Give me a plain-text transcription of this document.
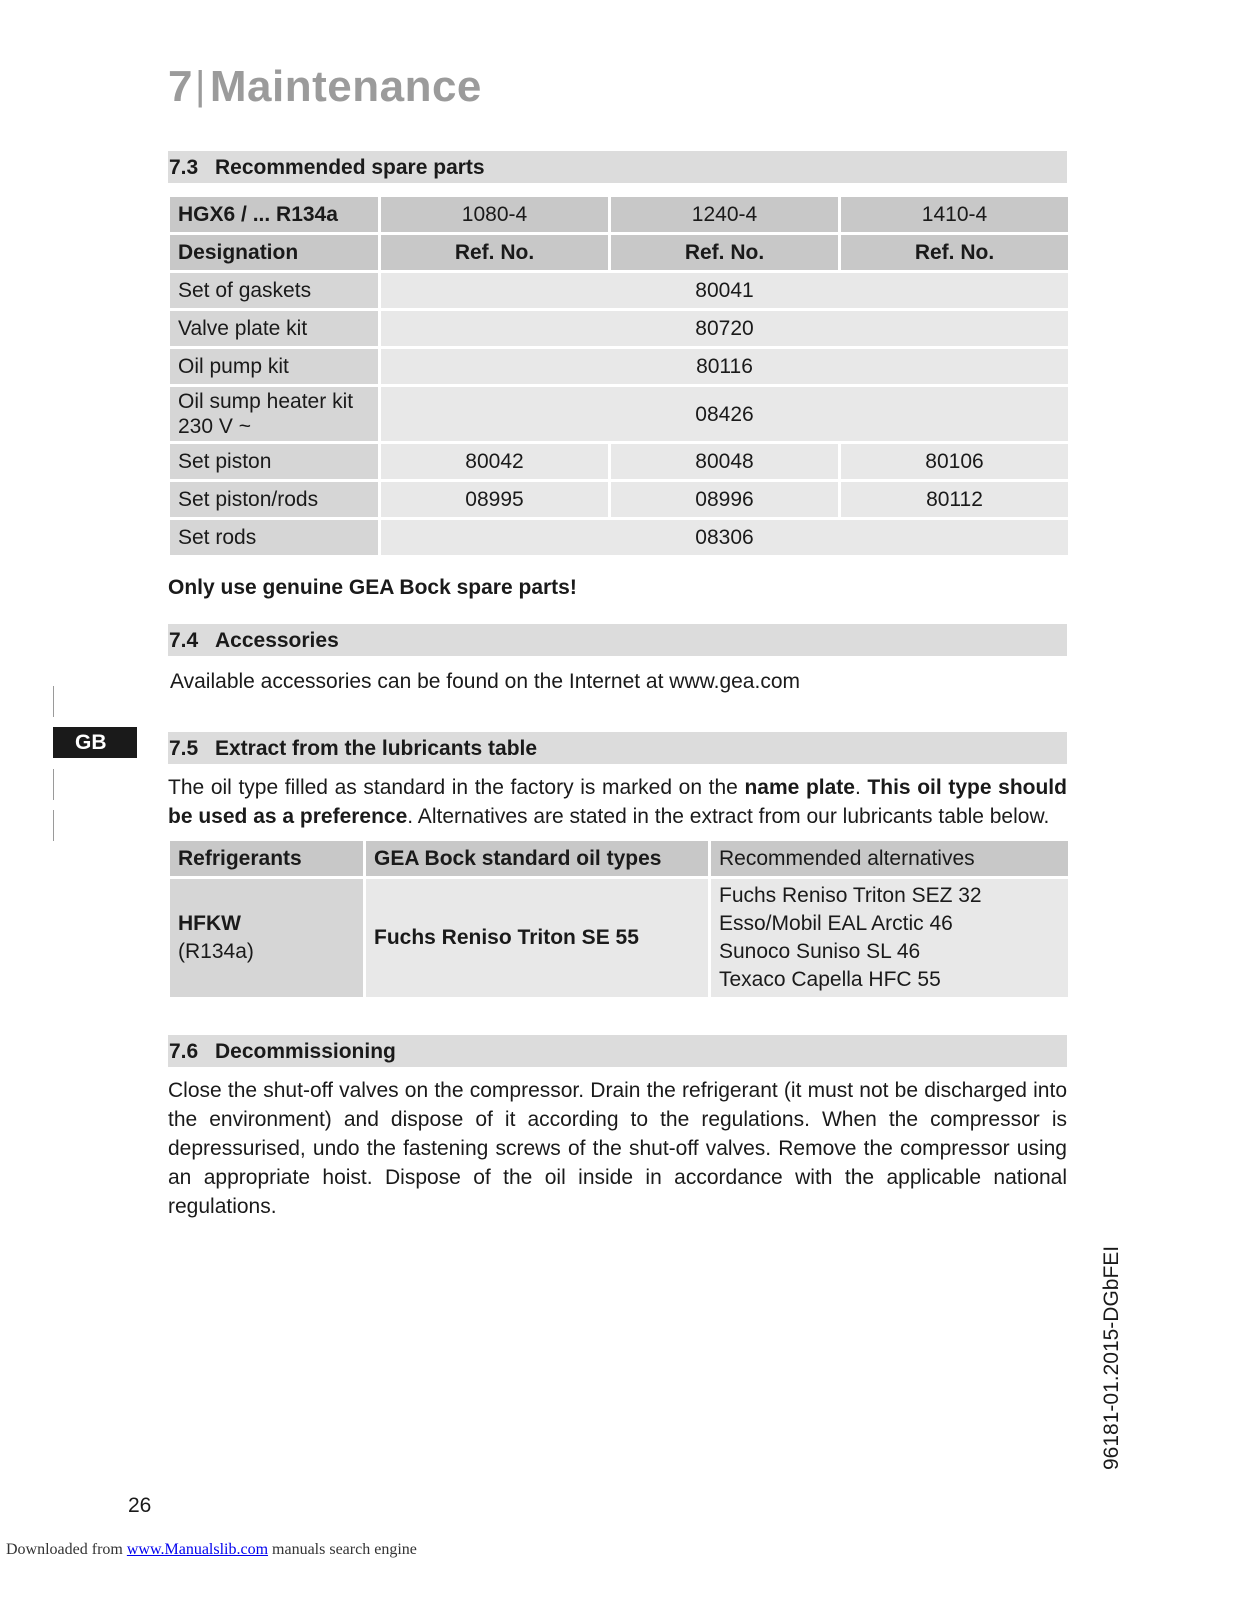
7|Maintenance
7.3 Recommended spare parts
HGX6 / ... R134a	1080-4	1240-4	1410-4
Designation	Ref. No.	Ref. No.	Ref. No.
Set of gaskets	80041		
Valve plate kit	80720		
Oil pump kit	80116		
Oil sump heater kit
230 V ~	08426		
Set piston	80042	80048	80106
Set piston/rods	08995	08996	80112
Set rods	08306		
Only use genuine GEA Bock spare parts!
7.4 Accessories
Available accessories can be found on the Internet at www.gea.com
7.5 Extract from the lubricants table
The oil type filled as standard in the factory is marked on the name plate. This oil type should be used as a preference. Alternatives are stated in the extract from our lubricants table below.
Refrigerants	GEA Bock standard oil types	Recommended alternatives
HFKW
(R134a)	Fuchs Reniso Triton SE 55	Fuchs Reniso Triton SEZ 32
Esso/Mobil EAL Arctic 46
Sunoco Suniso SL 46
Texaco Capella HFC 55
7.6 Decommissioning
Close the shut-off valves on the compressor. Drain the refrigerant (it must not be discharged into the environment) and dispose of it according to the regulations. When the compressor is depressurised, undo the fastening screws of the shut-off valves. Remove the compressor using an appropriate hoist. Dispose of the oil inside in accordance with the applicable national regulations.
GB
26
96181-01.2015-DGbFEI
Downloaded from www.Manualslib.com manuals search engine
